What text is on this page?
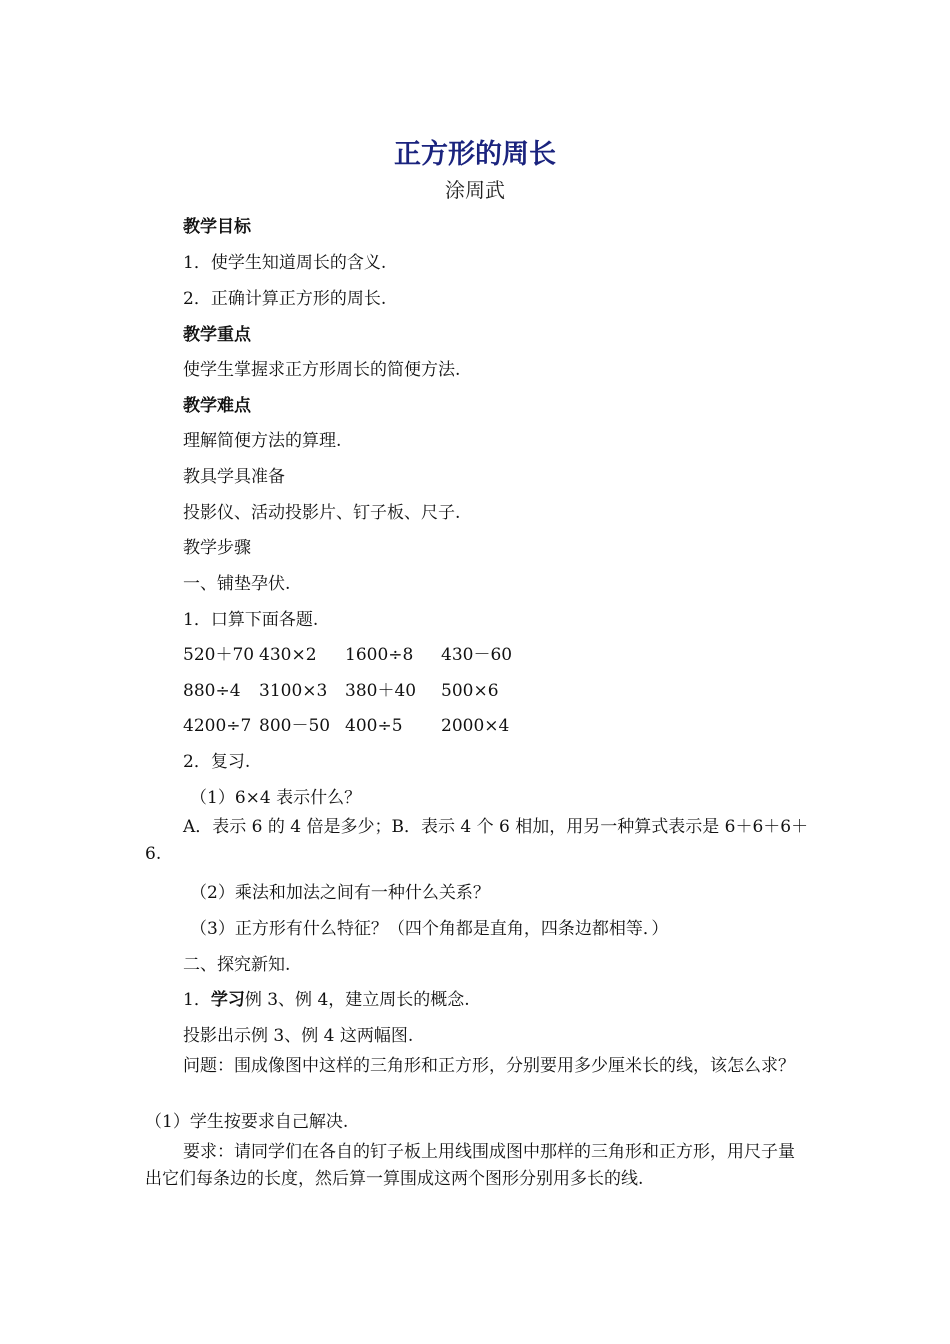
正方形的周长
涂周武
教学目标
1．使学生知道周长的含义.
2．正确计算正方形的周长.
教学重点
使学生掌握求正方形周长的简便方法.
教学难点
理解简便方法的算理.
教具学具准备
投影仪、活动投影片、钉子板、尺子.
教学步骤
一、铺垫孕伏.
1．口算下面各题.
520＋70 430×2 1600÷8 430－60
880÷4 3100×3 380＋40 500×6
4200÷7 800－50 400÷5 2000×4
2．复习.
（1）6×4 表示什么？
A．表示 6 的 4 倍是多少；B．表示 4 个 6 相加，用另一种算式表示是 6＋6＋6＋6.
（2）乘法和加法之间有一种什么关系？
（3）正方形有什么特征？（四个角都是直角，四条边都相等．）
二、探究新知.
1．学习例 3、例 4，建立周长的概念.
投影出示例 3、例 4 这两幅图.
问题：围成像图中这样的三角形和正方形，分别要用多少厘米长的线，该怎么求？
（1）学生按要求自己解决.
要求：请同学们在各自的钉子板上用线围成图中那样的三角形和正方形，用尺子量出它们每条边的长度，然后算一算围成这两个图形分别用多长的线.
